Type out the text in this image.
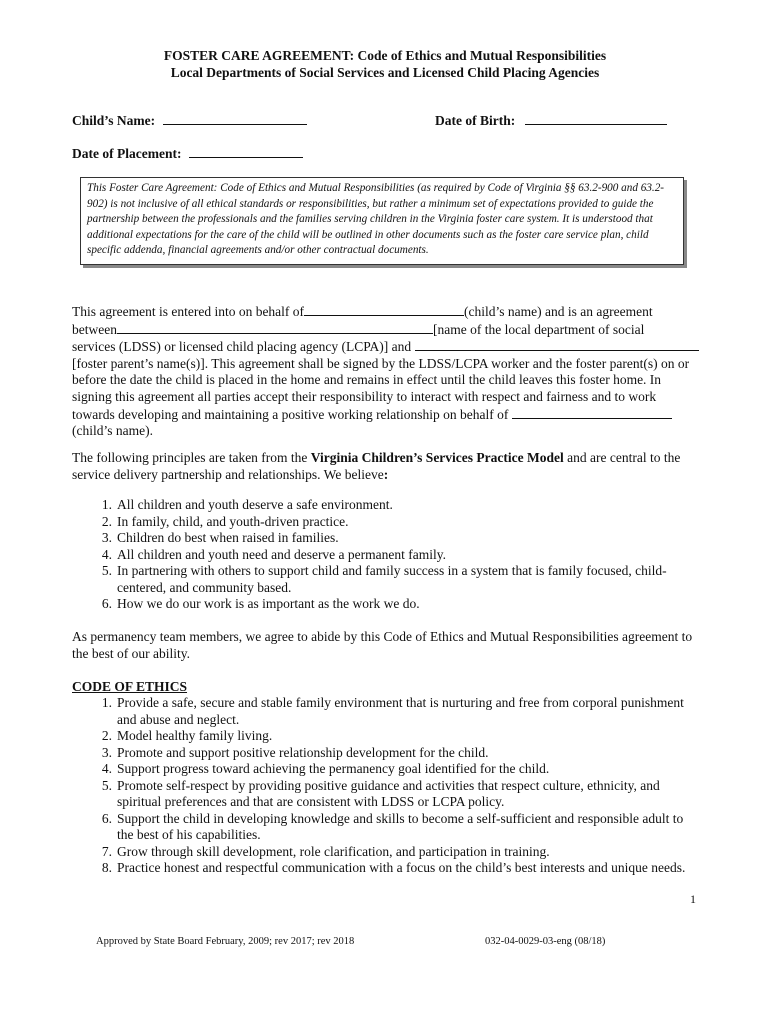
FOSTER CARE AGREEMENT: Code of Ethics and Mutual Responsibilities
Local Departments of Social Services and Licensed Child Placing Agencies
Child’s Name:	Date of Birth:
Date of Placement:
This Foster Care Agreement: Code of Ethics and Mutual Responsibilities (as required by Code of Virginia §§ 63.2-900 and 63.2-902) is not inclusive of all ethical standards or responsibilities, but rather a minimum set of expectations provided to guide the partnership between the professionals and the families serving children in the Virginia foster care system. It is understood that additional expectations for the care of the child will be outlined in other documents such as the foster care service plan, child specific addenda, financial agreements and/or other contractual documents.
This agreement is entered into on behalf of	(child’s name) and is an agreement
between	[name of the local department of social
services (LDSS) or licensed child placing agency (LCPA)] and
[foster parent’s name(s)]. This agreement shall be signed by the LDSS/LCPA worker and the foster parent(s) on or before the date the child is placed in the home and remains in effect until the child leaves this foster home. In signing this agreement all parties accept their responsibility to interact with respect and fairness and to work towards developing and maintaining a positive working relationship on behalf of
(child’s name).
The following principles are taken from the Virginia Children’s Services Practice Model and are central to the service delivery partnership and relationships. We believe:
1. All children and youth deserve a safe environment.
2. In family, child, and youth-driven practice.
3. Children do best when raised in families.
4. All children and youth need and deserve a permanent family.
5. In partnering with others to support child and family success in a system that is family focused, child-centered, and community based.
6. How we do our work is as important as the work we do.
As permanency team members, we agree to abide by this Code of Ethics and Mutual Responsibilities agreement to the best of our ability.
CODE OF ETHICS
1. Provide a safe, secure and stable family environment that is nurturing and free from corporal punishment and abuse and neglect.
2. Model healthy family living.
3. Promote and support positive relationship development for the child.
4. Support progress toward achieving the permanency goal identified for the child.
5. Promote self-respect by providing positive guidance and activities that respect culture, ethnicity, and spiritual preferences and that are consistent with LDSS or LCPA policy.
6. Support the child in developing knowledge and skills to become a self-sufficient and responsible adult to the best of his capabilities.
7. Grow through skill development, role clarification, and participation in training.
8. Practice honest and respectful communication with a focus on the child’s best interests and unique needs.
1
Approved by State Board February, 2009; rev 2017; rev 2018	032-04-0029-03-eng (08/18)
